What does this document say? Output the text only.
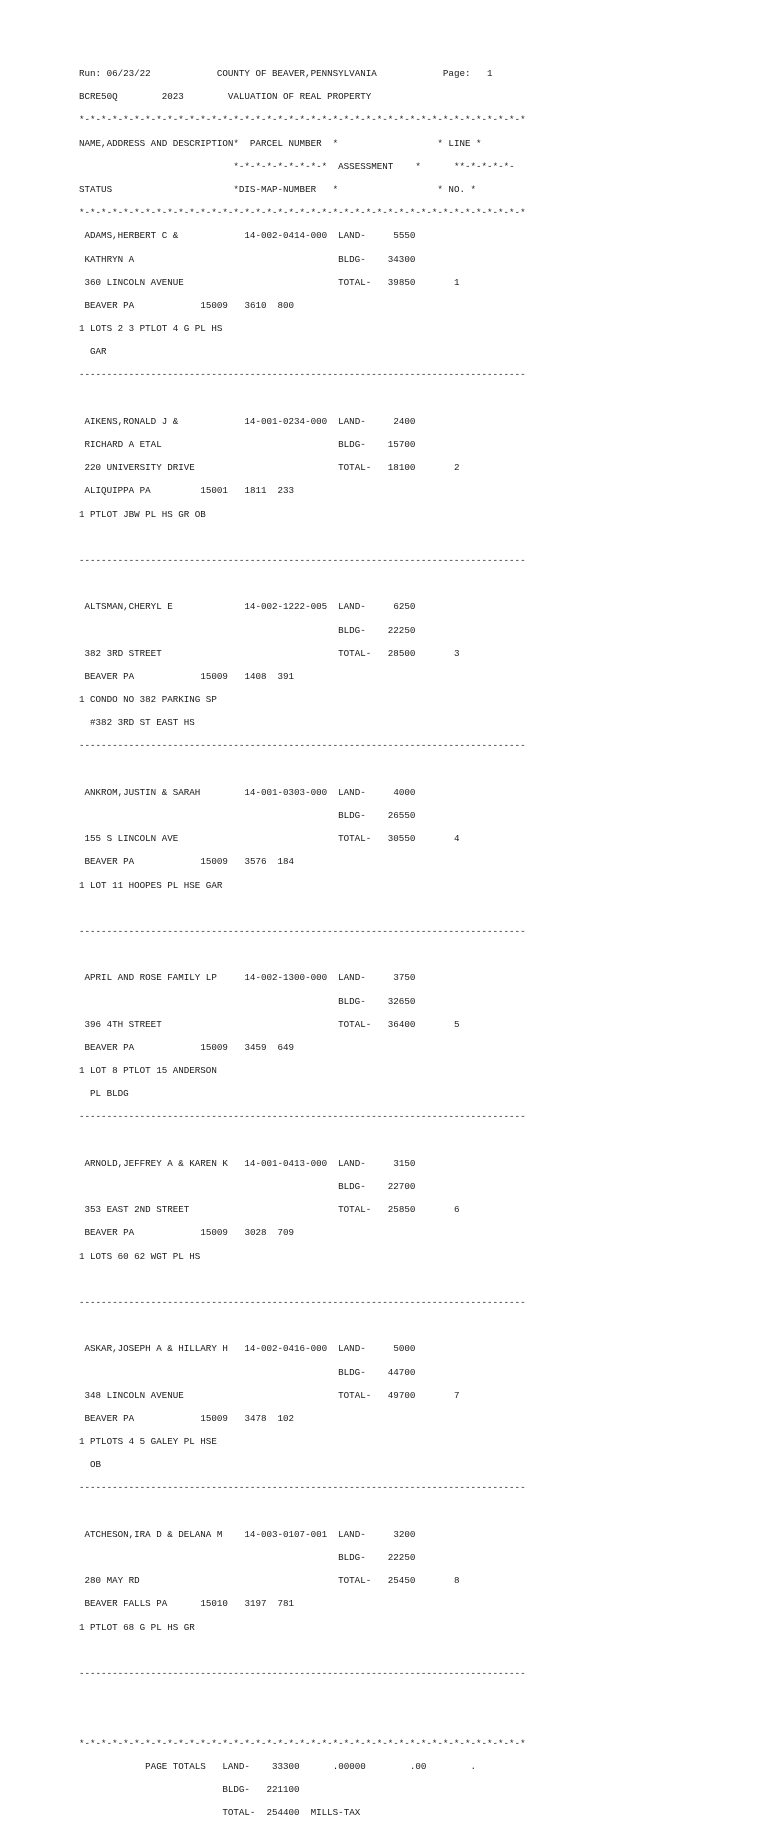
Run: 06/23/22	COUNTY OF BEAVER,PENNSYLVANIA	Page: 1

BCRE50Q	2023	VALUATION OF REAL PROPERTY

*-*-*-*-*-*-*-*-*-*-*-*-*-*-*-*-*-*-*-*-*-*-*-*-*-*-*-*-*-*-*-*-*-*-*-*-*-*-*-*-*

NAME,ADDRESS AND DESCRIPTION* PARCEL NUMBER *	* LINE *

*-*-*-*-*-*-*-*-* ASSESSMENT *	**-*-*-*-*-

STATUS	*DIS-MAP-NUMBER *	* NO. *

*-*-*-*-*-*-*-*-*-*-*-*-*-*-*-*-*-*-*-*-*-*-*-*-*-*-*-*-*-*-*-*-*-*-*-*-*-*-*-*-*

ADAMS,HERBERT C &	14-002-0414-000 LAND-	5550

KATHRYN A	BLDG- 34300

360 LINCOLN AVENUE	TOTAL- 39850	1

BEAVER PA	15009 3610  800

1 LOTS 2 3 PTLOT 4 G PL HS

GAR

---------------------------------------------------------------------------------

AIKENS,RONALD J &	14-001-0234-000 LAND-	2400

RICHARD A ETAL	BLDG- 15700

220 UNIVERSITY DRIVE	TOTAL- 18100	2

ALIQUIPPA PA	15001 1811  233

1 PTLOT JBW PL HS GR OB

---------------------------------------------------------------------------------

ALTSMAN,CHERYL E	14-002-1222-005 LAND-	6250

BLDG- 22250

382 3RD STREET	TOTAL- 28500	3

BEAVER PA	15009 1408  391

1 CONDO NO 382 PARKING SP

#382 3RD ST EAST HS

---------------------------------------------------------------------------------

ANKROM,JUSTIN & SARAH	14-001-0303-000 LAND-	4000

BLDG- 26550

155 S LINCOLN AVE	TOTAL- 30550	4

BEAVER PA	15009 3576  184

1 LOT 11 HOOPES PL HSE GAR

---------------------------------------------------------------------------------

APRIL AND ROSE FAMILY LP	14-002-1300-000 LAND-	3750

BLDG- 32650

396 4TH STREET	TOTAL- 36400	5

BEAVER PA	15009 3459  649

1 LOT 8 PTLOT 15 ANDERSON

PL BLDG

---------------------------------------------------------------------------------

ARNOLD,JEFFREY A & KAREN K 14-001-0413-000 LAND-	3150

BLDG- 22700

353 EAST 2ND STREET	TOTAL- 25850	6

BEAVER PA	15009 3028  709

1 LOTS 60 62 WGT PL HS

---------------------------------------------------------------------------------

ASKAR,JOSEPH A & HILLARY H 14-002-0416-000 LAND-	5000

BLDG- 44700

348 LINCOLN AVENUE	TOTAL- 49700	7

BEAVER PA	15009 3478  102

1 PTLOTS 4 5 GALEY PL HSE

OB

---------------------------------------------------------------------------------

ATCHESON,IRA D & DELANA M 14-003-0107-001 LAND-	3200

BLDG- 22250

280 MAY RD	TOTAL- 25450	8

BEAVER FALLS PA	15010 3197  781

1 PTLOT 68 G PL HS GR

---------------------------------------------------------------------------------

*-*-*-*-*-*-*-*-*-*-*-*-*-*-*-*-*-*-*-*-*-*-*-*-*-*-*-*-*-*-*-*-*-*-*-*-*-*-*-*-*

PAGE TOTALS LAND- 33300	.00000	.00	.

BLDG- 221100

TOTAL- 254400 MILLS-TAX
